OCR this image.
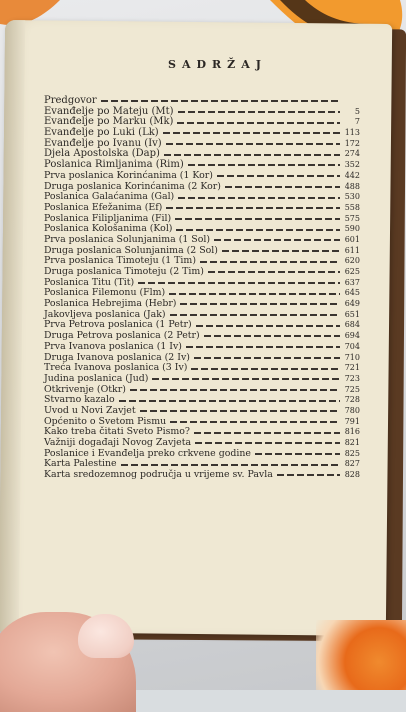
SADRŽAJ
Predgovor
Evanđelje po Mateju (Mt)	5
Evanđelje po Marku (Mk)	7
Evanđelje po Luki (Lk)	113
Evanđelje po Ivanu (Iv)	172
Djela Apostolska (Dap)	274
Poslanica Rimljanima (Rim)	352
Prva poslanica Korinćanima (1 Kor)	442
Druga poslanica Korinćanima (2 Kor)	488
Poslanica Galaćanima (Gal)	530
Poslanica Efežanima (Ef)	558
Poslanica Filipljanima (Fil)	575
Poslanica Kološanima (Kol)	590
Prva poslanica Solunjanima (1 Sol)	601
Druga poslanica Solunjanima (2 Sol)	611
Prva poslanica Timoteju (1 Tim)	620
Druga poslanica Timoteju (2 Tim)	625
Poslanica Titu (Tit)	637
Poslanica Filemonu (Flm)	645
Poslanica Hebrejima (Hebr)	649
Jakovljeva poslanica (Jak)	651
Prva Petrova poslanica (1 Petr)	684
Druga Petrova poslanica (2 Petr)	694
Prva Ivanova poslanica (1 Iv)	704
Druga Ivanova poslanica (2 Iv)	710
Treća Ivanova poslanica (3 Iv)	721
Judina poslanica (Jud)	723
Otkrivenje (Otkr)	725
Stvarno kazalo	728
Uvod u Novi Zavjet	780
Općenito o Svetom Pismu	791
Kako treba čitati Sveto Pismo?	816
Važniji događaji Novog Zavjeta	821
Poslanice i Evanđelja preko crkvene godine	825
Karta Palestine	827
Karta sredozemnog područja u vrijeme sv. Pavla	828
